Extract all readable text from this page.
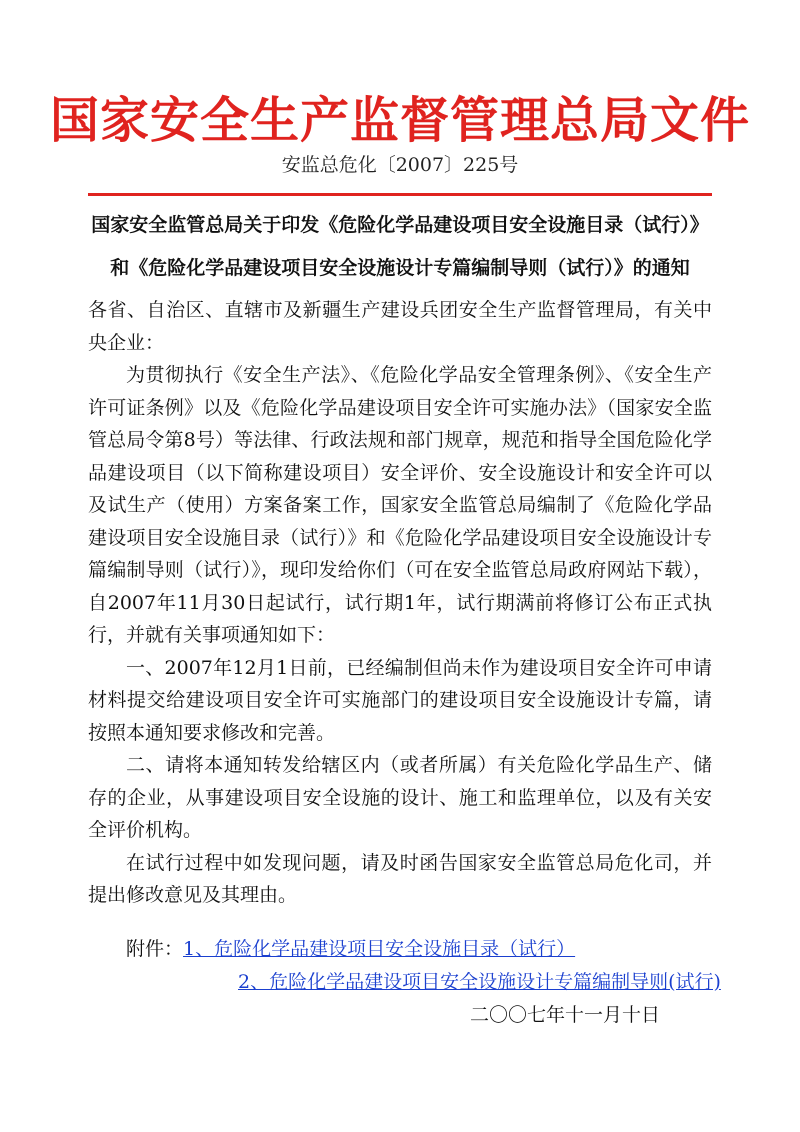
国家安全生产监督管理总局文件
安监总危化〔2007〕225号
国家安全监管总局关于印发《危险化学品建设项目安全设施目录（试行）》
和《危险化学品建设项目安全设施设计专篇编制导则（试行）》的通知

各省、自治区、直辖市及新疆生产建设兵团安全生产监督管理局，有关中央企业：

为贯彻执行《安全生产法》、《危险化学品安全管理条例》、《安全生产许可证条例》以及《危险化学品建设项目安全许可实施办法》（国家安全监管总局令第8号）等法律、行政法规和部门规章，规范和指导全国危险化学品建设项目（以下简称建设项目）安全评价、安全设施设计和安全许可以及试生产（使用）方案备案工作，国家安全监管总局编制了《危险化学品建设项目安全设施目录（试行）》和《危险化学品建设项目安全设施设计专篇编制导则（试行）》，现印发给你们（可在安全监管总局政府网站下载），自2007年11月30日起试行，试行期1年，试行期满前将修订公布正式执行，并就有关事项通知如下：

一、2007年12月1日前，已经编制但尚未作为建设项目安全许可申请材料提交给建设项目安全许可实施部门的建设项目安全设施设计专篇，请按照本通知要求修改和完善。

二、请将本通知转发给辖区内（或者所属）有关危险化学品生产、储存的企业，从事建设项目安全设施的设计、施工和监理单位，以及有关安全评价机构。

在试行过程中如发现问题，请及时函告国家安全监管总局危化司，并提出修改意见及其理由。

附件：1、危险化学品建设项目安全设施目录（试行）
2、危险化学品建设项目安全设施设计专篇编制导则(试行)
二〇〇七年十一月十日
